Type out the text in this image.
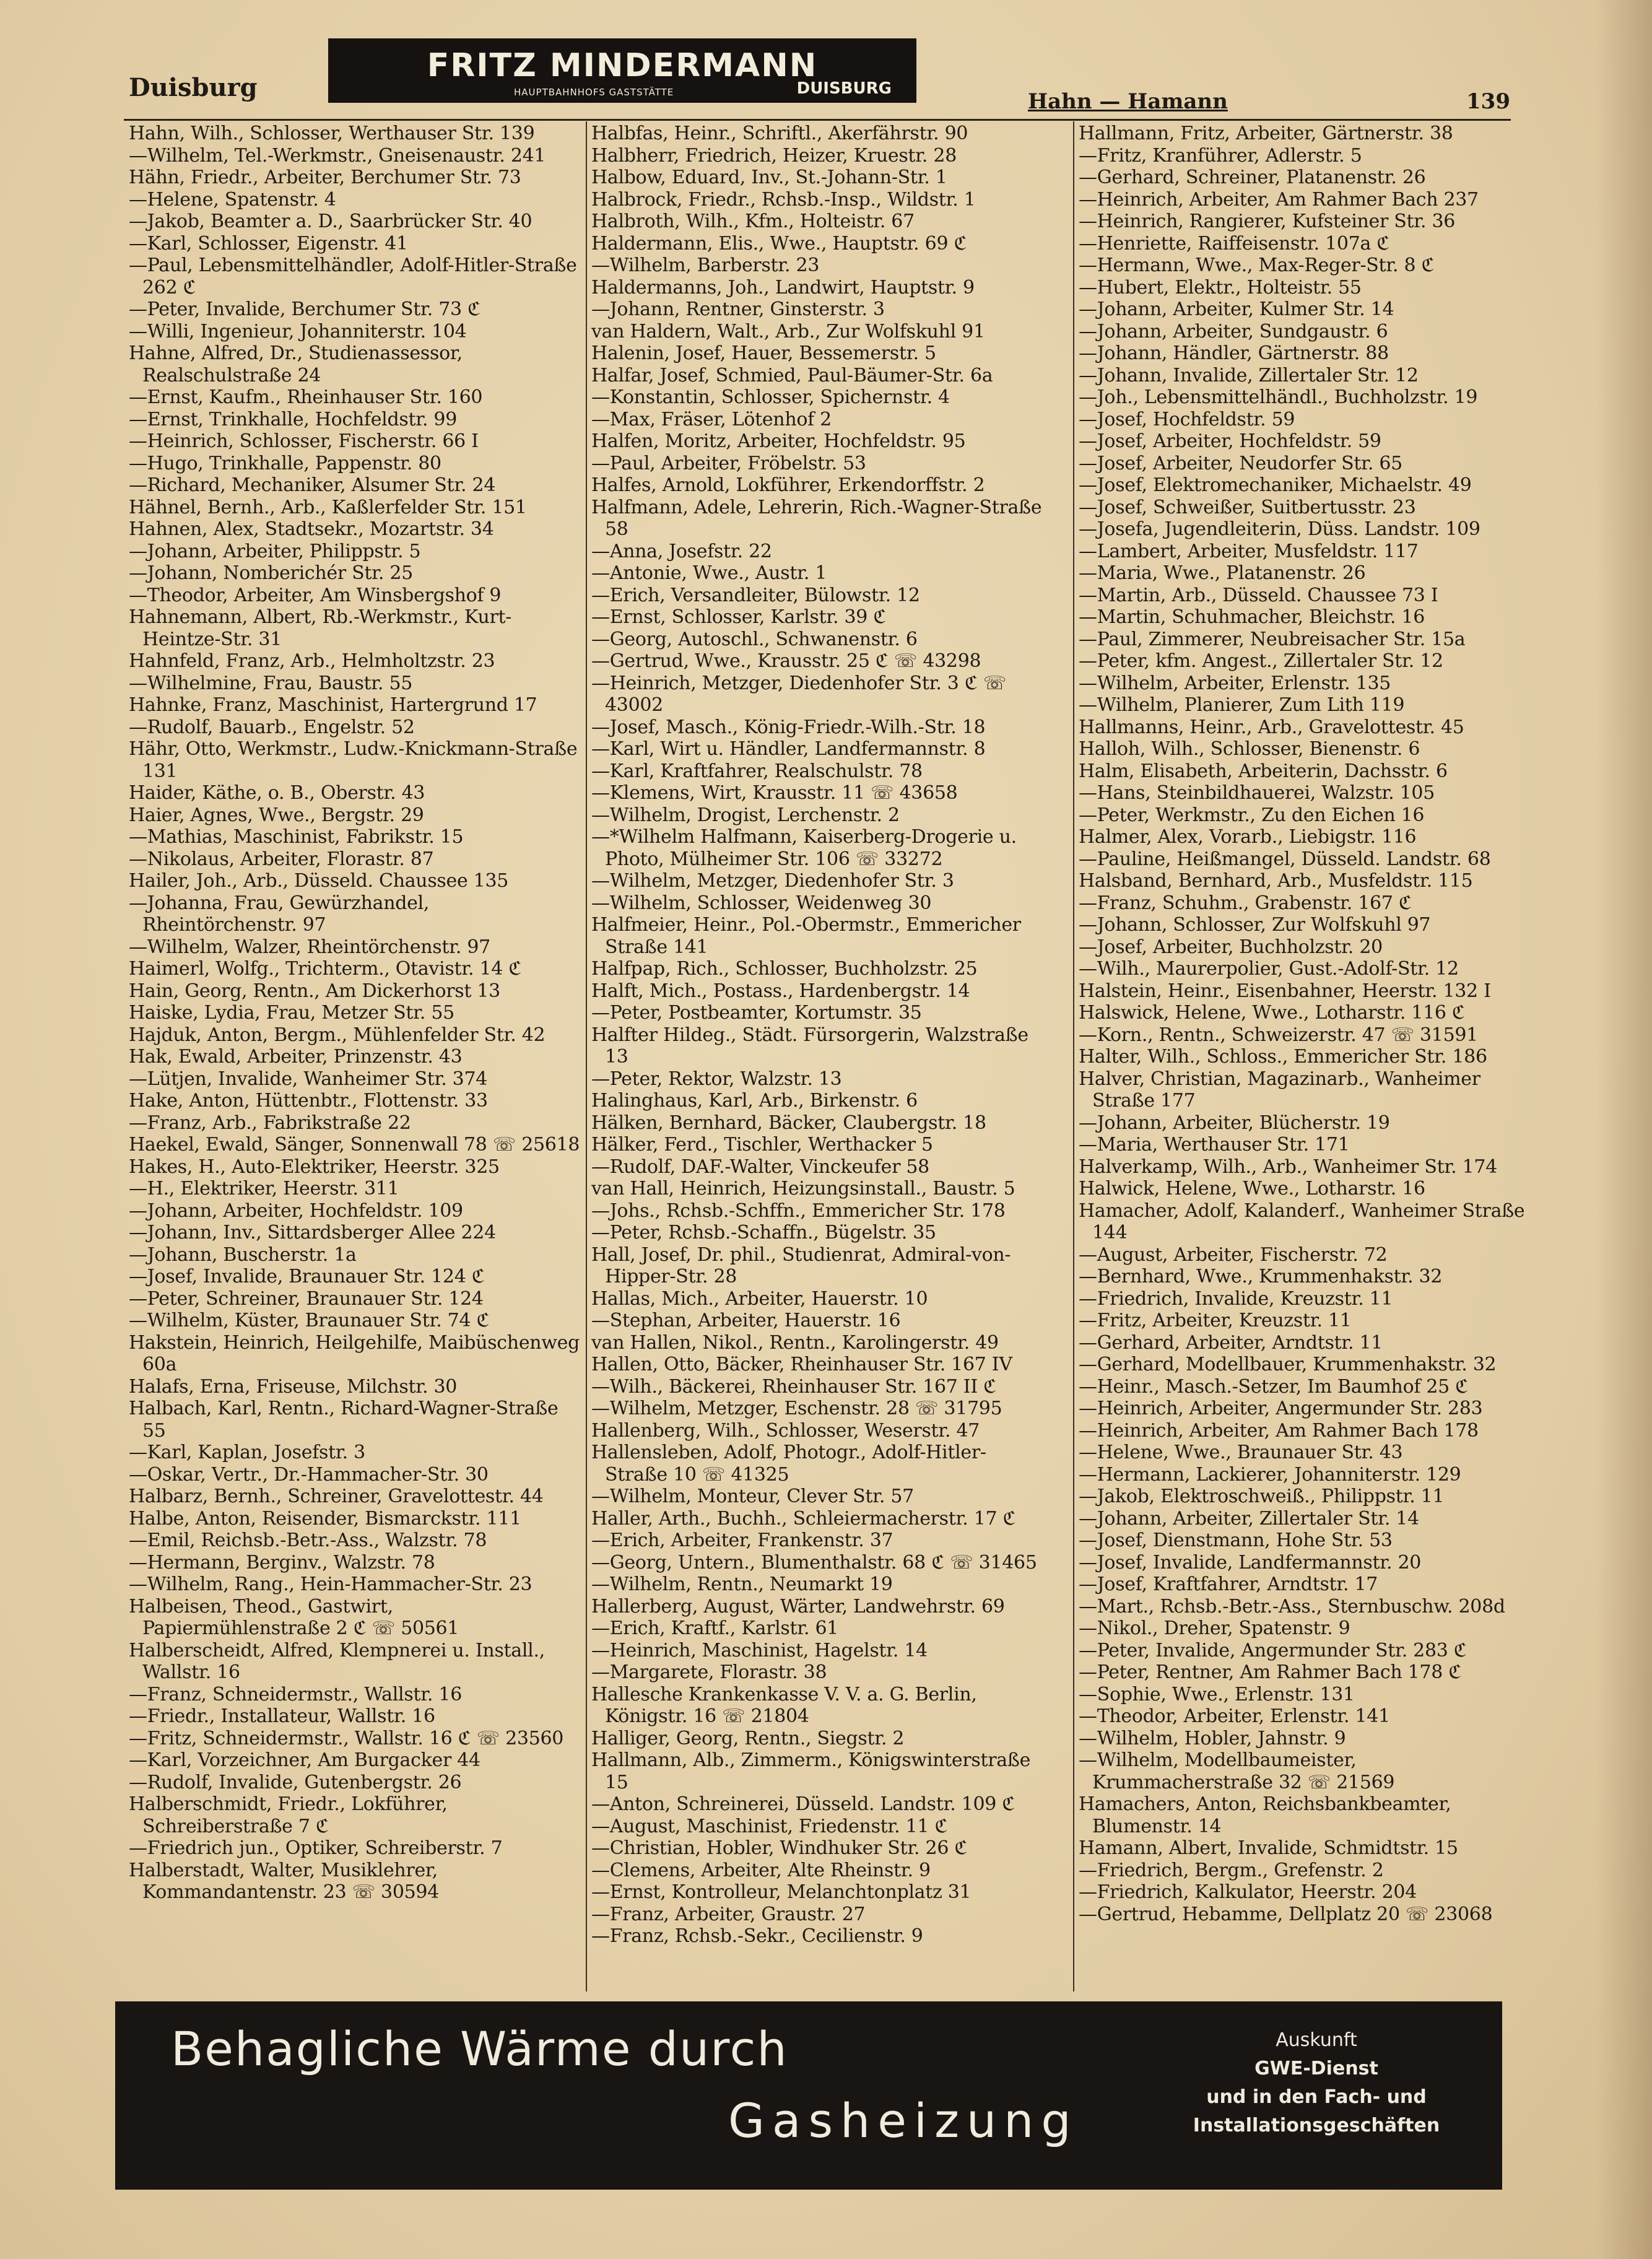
Duisburg
FRITZ MINDERMANN
HAUPTBAHNHOFS GASTSTÄTTE	DUISBURG
Hahn — Hamann	139
Hahn, Wilh., Schlosser, Werthauser Str. 139
—Wilhelm, Tel.-Werkmstr., Gneisenaustr. 241
Hähn, Friedr., Arbeiter, Berchumer Str. 73
—Helene, Spatenstr. 4
—Jakob, Beamter a. D., Saarbrücker Str. 40
—Karl, Schlosser, Eigenstr. 41
—Paul, Lebensmittelhändler, Adolf-Hitler-Straße 262 ℭ
—Peter, Invalide, Berchumer Str. 73 ℭ
—Willi, Ingenieur, Johanniterstr. 104
Hahne, Alfred, Dr., Studienassessor, Realschulstraße 24
—Ernst, Kaufm., Rheinhauser Str. 160
—Ernst, Trinkhalle, Hochfeldstr. 99
—Heinrich, Schlosser, Fischerstr. 66 I
—Hugo, Trinkhalle, Pappenstr. 80
—Richard, Mechaniker, Alsumer Str. 24
Hähnel, Bernh., Arb., Kaßlerfelder Str. 151
Hahnen, Alex, Stadtsekr., Mozartstr. 34
—Johann, Arbeiter, Philippstr. 5
—Johann, Nomberichér Str. 25
—Theodor, Arbeiter, Am Winsbergshof 9
Hahnemann, Albert, Rb.-Werkmstr., Kurt-Heintze-Str. 31
Hahnfeld, Franz, Arb., Helmholtzstr. 23
—Wilhelmine, Frau, Baustr. 55
Hahnke, Franz, Maschinist, Hartergrund 17
—Rudolf, Bauarb., Engelstr. 52
Hähr, Otto, Werkmstr., Ludw.-Knickmann-Straße 131
Haider, Käthe, o. B., Oberstr. 43
Haier, Agnes, Wwe., Bergstr. 29
—Mathias, Maschinist, Fabrikstr. 15
—Nikolaus, Arbeiter, Florastr. 87
Hailer, Joh., Arb., Düsseld. Chaussee 135
—Johanna, Frau, Gewürzhandel, Rheintörchenstr. 97
—Wilhelm, Walzer, Rheintörchenstr. 97
Haimerl, Wolfg., Trichterm., Otavistr. 14 ℭ
Hain, Georg, Rentn., Am Dickerhorst 13
Haiske, Lydia, Frau, Metzer Str. 55
Hajduk, Anton, Bergm., Mühlenfelder Str. 42
Hak, Ewald, Arbeiter, Prinzenstr. 43
—Lütjen, Invalide, Wanheimer Str. 374
Hake, Anton, Hüttenbtr., Flottenstr. 33
—Franz, Arb., Fabrikstraße 22
Haekel, Ewald, Sänger, Sonnenwall 78 ☏ 25618
Hakes, H., Auto-Elektriker, Heerstr. 325
—H., Elektriker, Heerstr. 311
—Johann, Arbeiter, Hochfeldstr. 109
—Johann, Inv., Sittardsberger Allee 224
—Johann, Buscherstr. 1a
—Josef, Invalide, Braunauer Str. 124 ℭ
—Peter, Schreiner, Braunauer Str. 124
—Wilhelm, Küster, Braunauer Str. 74 ℭ
Hakstein, Heinrich, Heilgehilfe, Maibüschenweg 60a
Halafs, Erna, Friseuse, Milchstr. 30
Halbach, Karl, Rentn., Richard-Wagner-Straße 55
—Karl, Kaplan, Josefstr. 3
—Oskar, Vertr., Dr.-Hammacher-Str. 30
Halbarz, Bernh., Schreiner, Gravelottestr. 44
Halbe, Anton, Reisender, Bismarckstr. 111
—Emil, Reichsb.-Betr.-Ass., Walzstr. 78
—Hermann, Berginv., Walzstr. 78
—Wilhelm, Rang., Hein-Hammacher-Str. 23
Halbeisen, Theod., Gastwirt, Papiermühlenstraße 2 ℭ ☏ 50561
Halberscheidt, Alfred, Klempnerei u. Install., Wallstr. 16
—Franz, Schneidermstr., Wallstr. 16
—Friedr., Installateur, Wallstr. 16
—Fritz, Schneidermstr., Wallstr. 16 ℭ ☏ 23560
—Karl, Vorzeichner, Am Burgacker 44
—Rudolf, Invalide, Gutenbergstr. 26
Halberschmidt, Friedr., Lokführer, Schreiberstraße 7 ℭ
—Friedrich jun., Optiker, Schreiberstr. 7
Halberstadt, Walter, Musiklehrer, Kommandantenstr. 23 ☏ 30594
Halbfas, Heinr., Schriftl., Akerfährstr. 90
Halbherr, Friedrich, Heizer, Kruestr. 28
Halbow, Eduard, Inv., St.-Johann-Str. 1
Halbrock, Friedr., Rchsb.-Insp., Wildstr. 1
Halbroth, Wilh., Kfm., Holteistr. 67
Haldermann, Elis., Wwe., Hauptstr. 69 ℭ
—Wilhelm, Barberstr. 23
Haldermanns, Joh., Landwirt, Hauptstr. 9
—Johann, Rentner, Ginsterstr. 3
van Haldern, Walt., Arb., Zur Wolfskuhl 91
Halenin, Josef, Hauer, Bessemerstr. 5
Halfar, Josef, Schmied, Paul-Bäumer-Str. 6a
—Konstantin, Schlosser, Spichernstr. 4
—Max, Fräser, Lötenhof 2
Halfen, Moritz, Arbeiter, Hochfeldstr. 95
—Paul, Arbeiter, Fröbelstr. 53
Halfes, Arnold, Lokführer, Erkendorffstr. 2
Halfmann, Adele, Lehrerin, Rich.-Wagner-Straße 58
—Anna, Josefstr. 22
—Antonie, Wwe., Austr. 1
—Erich, Versandleiter, Bülowstr. 12
—Ernst, Schlosser, Karlstr. 39 ℭ
—Georg, Autoschl., Schwanenstr. 6
—Gertrud, Wwe., Krausstr. 25 ℭ ☏ 43298
—Heinrich, Metzger, Diedenhofer Str. 3 ℭ ☏ 43002
—Josef, Masch., König-Friedr.-Wilh.-Str. 18
—Karl, Wirt u. Händler, Landfermannstr. 8
—Karl, Kraftfahrer, Realschulstr. 78
—Klemens, Wirt, Krausstr. 11 ☏ 43658
—Wilhelm, Drogist, Lerchenstr. 2
—*Wilhelm Halfmann, Kaiserberg-Drogerie u. Photo, Mülheimer Str. 106 ☏ 33272
—Wilhelm, Metzger, Diedenhofer Str. 3
—Wilhelm, Schlosser, Weidenweg 30
Halfmeier, Heinr., Pol.-Obermstr., Emmericher Straße 141
Halfpap, Rich., Schlosser, Buchholzstr. 25
Halft, Mich., Postass., Hardenbergstr. 14
—Peter, Postbeamter, Kortumstr. 35
Halfter Hildeg., Städt. Fürsorgerin, Walzstraße 13
—Peter, Rektor, Walzstr. 13
Halinghaus, Karl, Arb., Birkenstr. 6
Hälken, Bernhard, Bäcker, Claubergstr. 18
Hälker, Ferd., Tischler, Werthacker 5
—Rudolf, DAF.-Walter, Vinckeufer 58
van Hall, Heinrich, Heizungsinstall., Baustr. 5
—Johs., Rchsb.-Schffn., Emmericher Str. 178
—Peter, Rchsb.-Schaffn., Bügelstr. 35
Hall, Josef, Dr. phil., Studienrat, Admiral-von-Hipper-Str. 28
Hallas, Mich., Arbeiter, Hauerstr. 10
—Stephan, Arbeiter, Hauerstr. 16
van Hallen, Nikol., Rentn., Karolingerstr. 49
Hallen, Otto, Bäcker, Rheinhauser Str. 167 IV
—Wilh., Bäckerei, Rheinhauser Str. 167 II ℭ
—Wilhelm, Metzger, Eschenstr. 28 ☏ 31795
Hallenberg, Wilh., Schlosser, Weserstr. 47
Hallensleben, Adolf, Photogr., Adolf-Hitler-Straße 10 ☏ 41325
—Wilhelm, Monteur, Clever Str. 57
Haller, Arth., Buchh., Schleiermacherstr. 17 ℭ
—Erich, Arbeiter, Frankenstr. 37
—Georg, Untern., Blumenthalstr. 68 ℭ ☏ 31465
—Wilhelm, Rentn., Neumarkt 19
Hallerberg, August, Wärter, Landwehrstr. 69
—Erich, Kraftf., Karlstr. 61
—Heinrich, Maschinist, Hagelstr. 14
—Margarete, Florastr. 38
Hallesche Krankenkasse V. V. a. G. Berlin, Königstr. 16 ☏ 21804
Halliger, Georg, Rentn., Siegstr. 2
Hallmann, Alb., Zimmerm., Königswinterstraße 15
—Anton, Schreinerei, Düsseld. Landstr. 109 ℭ
—August, Maschinist, Friedenstr. 11 ℭ
—Christian, Hobler, Windhuker Str. 26 ℭ
—Clemens, Arbeiter, Alte Rheinstr. 9
—Ernst, Kontrolleur, Melanchtonplatz 31
—Franz, Arbeiter, Graustr. 27
—Franz, Rchsb.-Sekr., Cecilienstr. 9
Hallmann, Fritz, Arbeiter, Gärtnerstr. 38
—Fritz, Kranführer, Adlerstr. 5
—Gerhard, Schreiner, Platanenstr. 26
—Heinrich, Arbeiter, Am Rahmer Bach 237
—Heinrich, Rangierer, Kufsteiner Str. 36
—Henriette, Raiffeisenstr. 107a ℭ
—Hermann, Wwe., Max-Reger-Str. 8 ℭ
—Hubert, Elektr., Holteistr. 55
—Johann, Arbeiter, Kulmer Str. 14
—Johann, Arbeiter, Sundgaustr. 6
—Johann, Händler, Gärtnerstr. 88
—Johann, Invalide, Zillertaler Str. 12
—Joh., Lebensmittelhändl., Buchholzstr. 19
—Josef, Hochfeldstr. 59
—Josef, Arbeiter, Hochfeldstr. 59
—Josef, Arbeiter, Neudorfer Str. 65
—Josef, Elektromechaniker, Michaelstr. 49
—Josef, Schweißer, Suitbertusstr. 23
—Josefa, Jugendleiterin, Düss. Landstr. 109
—Lambert, Arbeiter, Musfeldstr. 117
—Maria, Wwe., Platanenstr. 26
—Martin, Arb., Düsseld. Chaussee 73 I
—Martin, Schuhmacher, Bleichstr. 16
—Paul, Zimmerer, Neubreisacher Str. 15a
—Peter, kfm. Angest., Zillertaler Str. 12
—Wilhelm, Arbeiter, Erlenstr. 135
—Wilhelm, Planierer, Zum Lith 119
Hallmanns, Heinr., Arb., Gravelottestr. 45
Halloh, Wilh., Schlosser, Bienenstr. 6
Halm, Elisabeth, Arbeiterin, Dachsstr. 6
—Hans, Steinbildhauerei, Walzstr. 105
—Peter, Werkmstr., Zu den Eichen 16
Halmer, Alex, Vorarb., Liebigstr. 116
—Pauline, Heißmangel, Düsseld. Landstr. 68
Halsband, Bernhard, Arb., Musfeldstr. 115
—Franz, Schuhm., Grabenstr. 167 ℭ
—Johann, Schlosser, Zur Wolfskuhl 97
—Josef, Arbeiter, Buchholzstr. 20
—Wilh., Maurerpolier, Gust.-Adolf-Str. 12
Halstein, Heinr., Eisenbahner, Heerstr. 132 I
Halswick, Helene, Wwe., Lotharstr. 116 ℭ
—Korn., Rentn., Schweizerstr. 47 ☏ 31591
Halter, Wilh., Schloss., Emmericher Str. 186
Halver, Christian, Magazinarb., Wanheimer Straße 177
—Johann, Arbeiter, Blücherstr. 19
—Maria, Werthauser Str. 171
Halverkamp, Wilh., Arb., Wanheimer Str. 174
Halwick, Helene, Wwe., Lotharstr. 16
Hamacher, Adolf, Kalanderf., Wanheimer Straße 144
—August, Arbeiter, Fischerstr. 72
—Bernhard, Wwe., Krummenhakstr. 32
—Friedrich, Invalide, Kreuzstr. 11
—Fritz, Arbeiter, Kreuzstr. 11
—Gerhard, Arbeiter, Arndtstr. 11
—Gerhard, Modellbauer, Krummenhakstr. 32
—Heinr., Masch.-Setzer, Im Baumhof 25 ℭ
—Heinrich, Arbeiter, Angermunder Str. 283
—Heinrich, Arbeiter, Am Rahmer Bach 178
—Helene, Wwe., Braunauer Str. 43
—Hermann, Lackierer, Johanniterstr. 129
—Jakob, Elektroschweiß., Philippstr. 11
—Johann, Arbeiter, Zillertaler Str. 14
—Josef, Dienstmann, Hohe Str. 53
—Josef, Invalide, Landfermannstr. 20
—Josef, Kraftfahrer, Arndtstr. 17
—Mart., Rchsb.-Betr.-Ass., Sternbuschw. 208d
—Nikol., Dreher, Spatenstr. 9
—Peter, Invalide, Angermunder Str. 283 ℭ
—Peter, Rentner, Am Rahmer Bach 178 ℭ
—Sophie, Wwe., Erlenstr. 131
—Theodor, Arbeiter, Erlenstr. 141
—Wilhelm, Hobler, Jahnstr. 9
—Wilhelm, Modellbaumeister, Krummacherstraße 32 ☏ 21569
Hamachers, Anton, Reichsbankbeamter, Blumenstr. 14
Hamann, Albert, Invalide, Schmidtstr. 15
—Friedrich, Bergm., Grefenstr. 2
—Friedrich, Kalkulator, Heerstr. 204
—Gertrud, Hebamme, Dellplatz 20 ☏ 23068
Behagliche Wärme durch
Gasheizung
Auskunft
GWE-Dienst
und in den Fach- und
Installationsgeschäften
